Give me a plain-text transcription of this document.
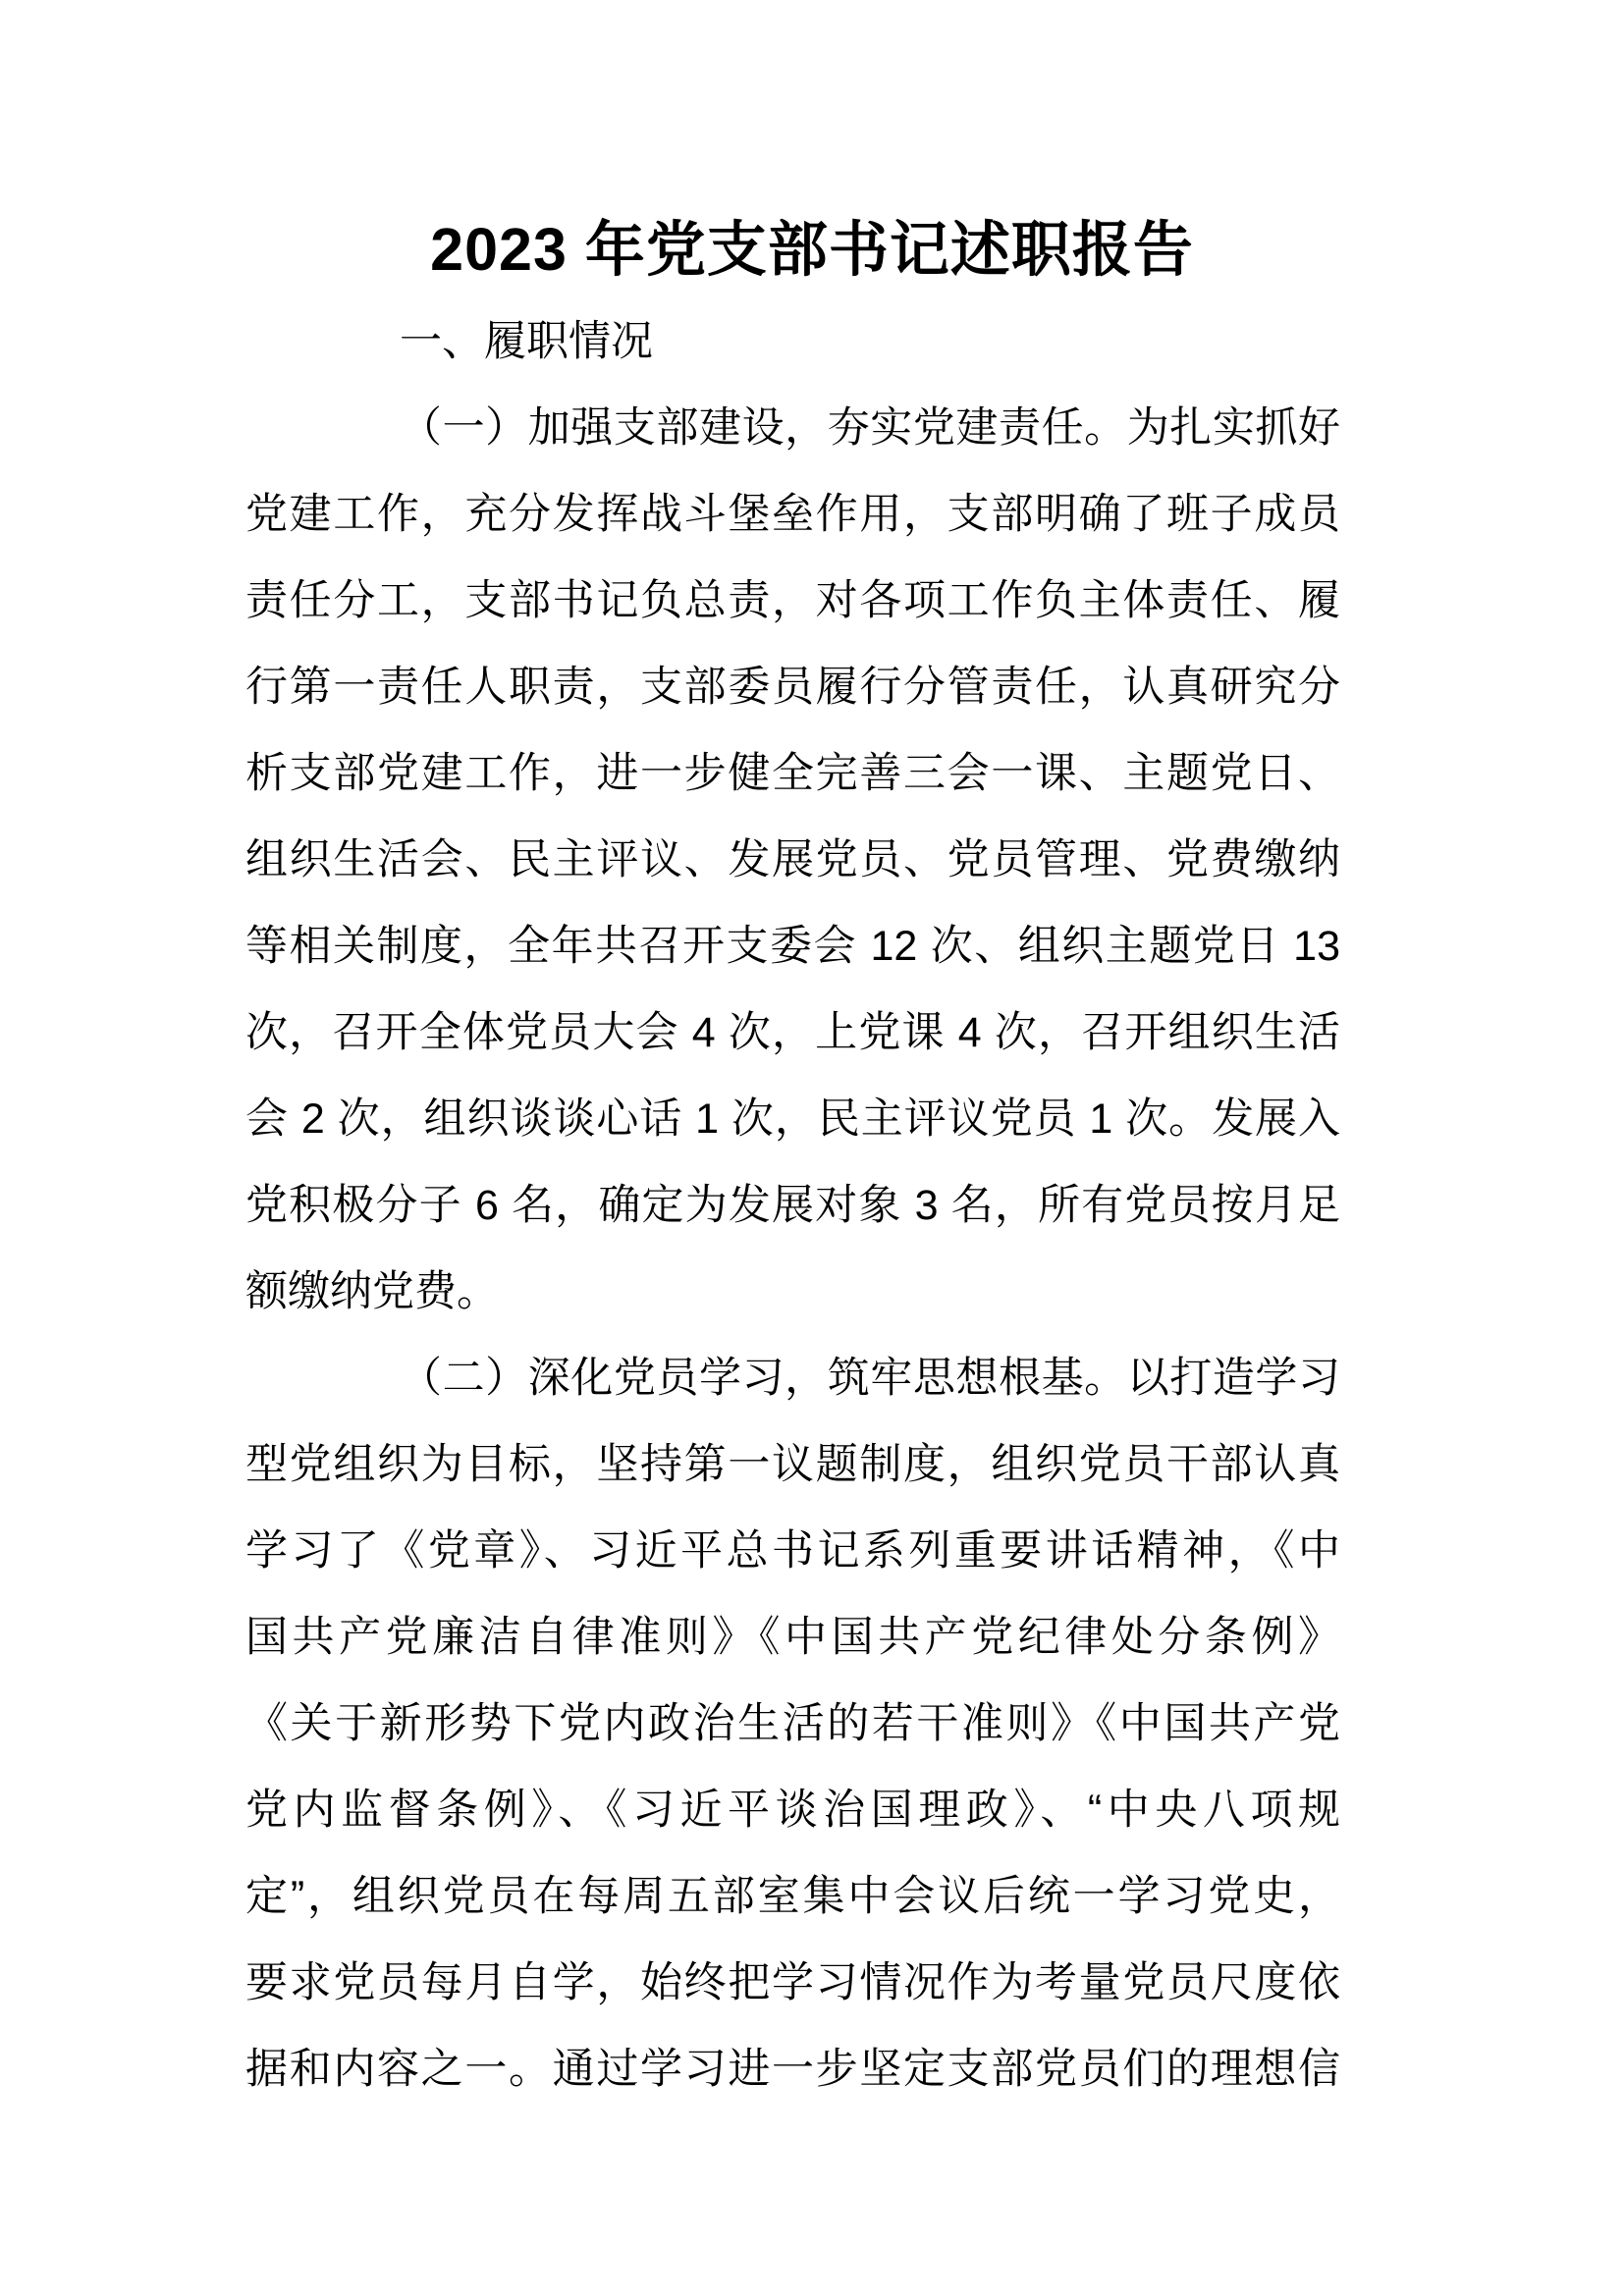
2023 年党支部书记述职报告
一、履职情况
（一）加强支部建设，夯实党建责任。为扎实抓好
党建工作，充分发挥战斗堡垒作用，支部明确了班子成员
责任分工，支部书记负总责，对各项工作负主体责任、履
行第一责任人职责，支部委员履行分管责任，认真研究分
析支部党建工作，进一步健全完善三会一课、主题党日、
组织生活会、民主评议、发展党员、党员管理、党费缴纳
等相关制度，全年共召开支委会 12 次、组织主题党日 13
次，召开全体党员大会 4 次，上党课 4 次，召开组织生活
会 2 次，组织谈谈心话 1 次，民主评议党员 1 次。发展入
党积极分子 6 名，确定为发展对象 3 名，所有党员按月足
额缴纳党费。
（二）深化党员学习，筑牢思想根基。以打造学习
型党组织为目标，坚持第一议题制度，组织党员干部认真
学习了《党章》、习近平总书记系列重要讲话精神，《中
国共产党廉洁自律准则》《中国共产党纪律处分条例》
《关于新形势下党内政治生活的若干准则》《中国共产党
党内监督条例》、《习近平谈治国理政》、“中央八项规
定”，组织党员在每周五部室集中会议后统一学习党史，
要求党员每月自学，始终把学习情况作为考量党员尺度依
据和内容之一。通过学习进一步坚定支部党员们的理想信
